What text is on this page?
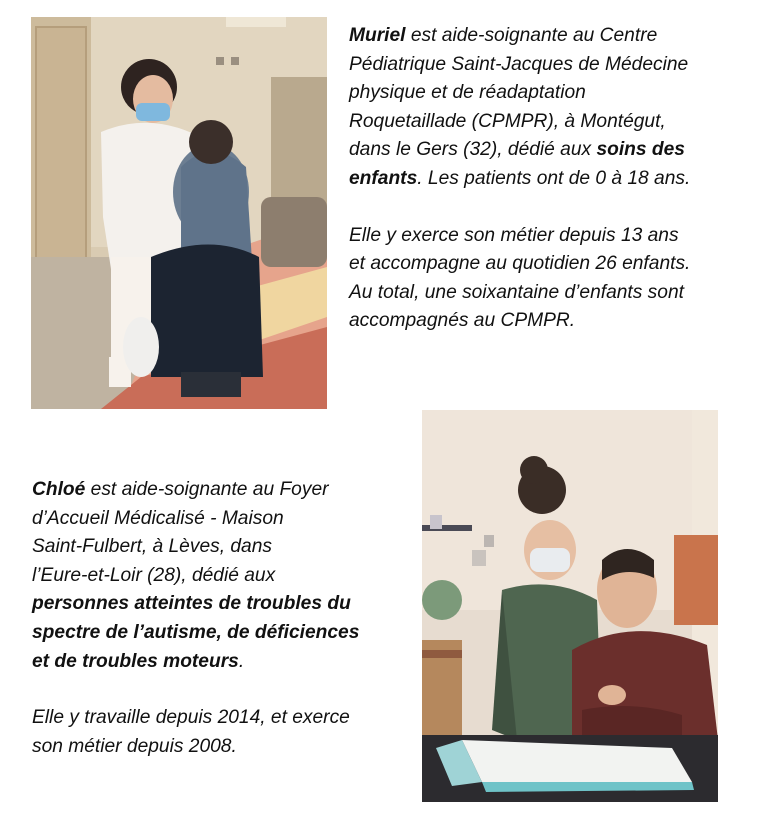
Muriel est aide-soignante au Centre
Pédiatrique Saint-Jacques de Médecine
physique et de réadaptation
Roquetaillade (CPMPR), à Montégut,
dans le Gers (32), dédié aux soins des
enfants. Les patients ont de 0 à 18 ans.

Elle y exerce son métier depuis 13 ans
et accompagne au quotidien 26 enfants.
Au total, une soixantaine d’enfants sont
accompagnés au CPMPR.

Chloé est aide-soignante au Foyer
d’Accueil Médicalisé - Maison
Saint-Fulbert, à Lèves, dans
l’Eure-et-Loir (28), dédié aux
personnes atteintes de troubles du
spectre de l’autisme, de déficiences
et de troubles moteurs.

Elle y travaille depuis 2014, et exerce
son métier depuis 2008.
